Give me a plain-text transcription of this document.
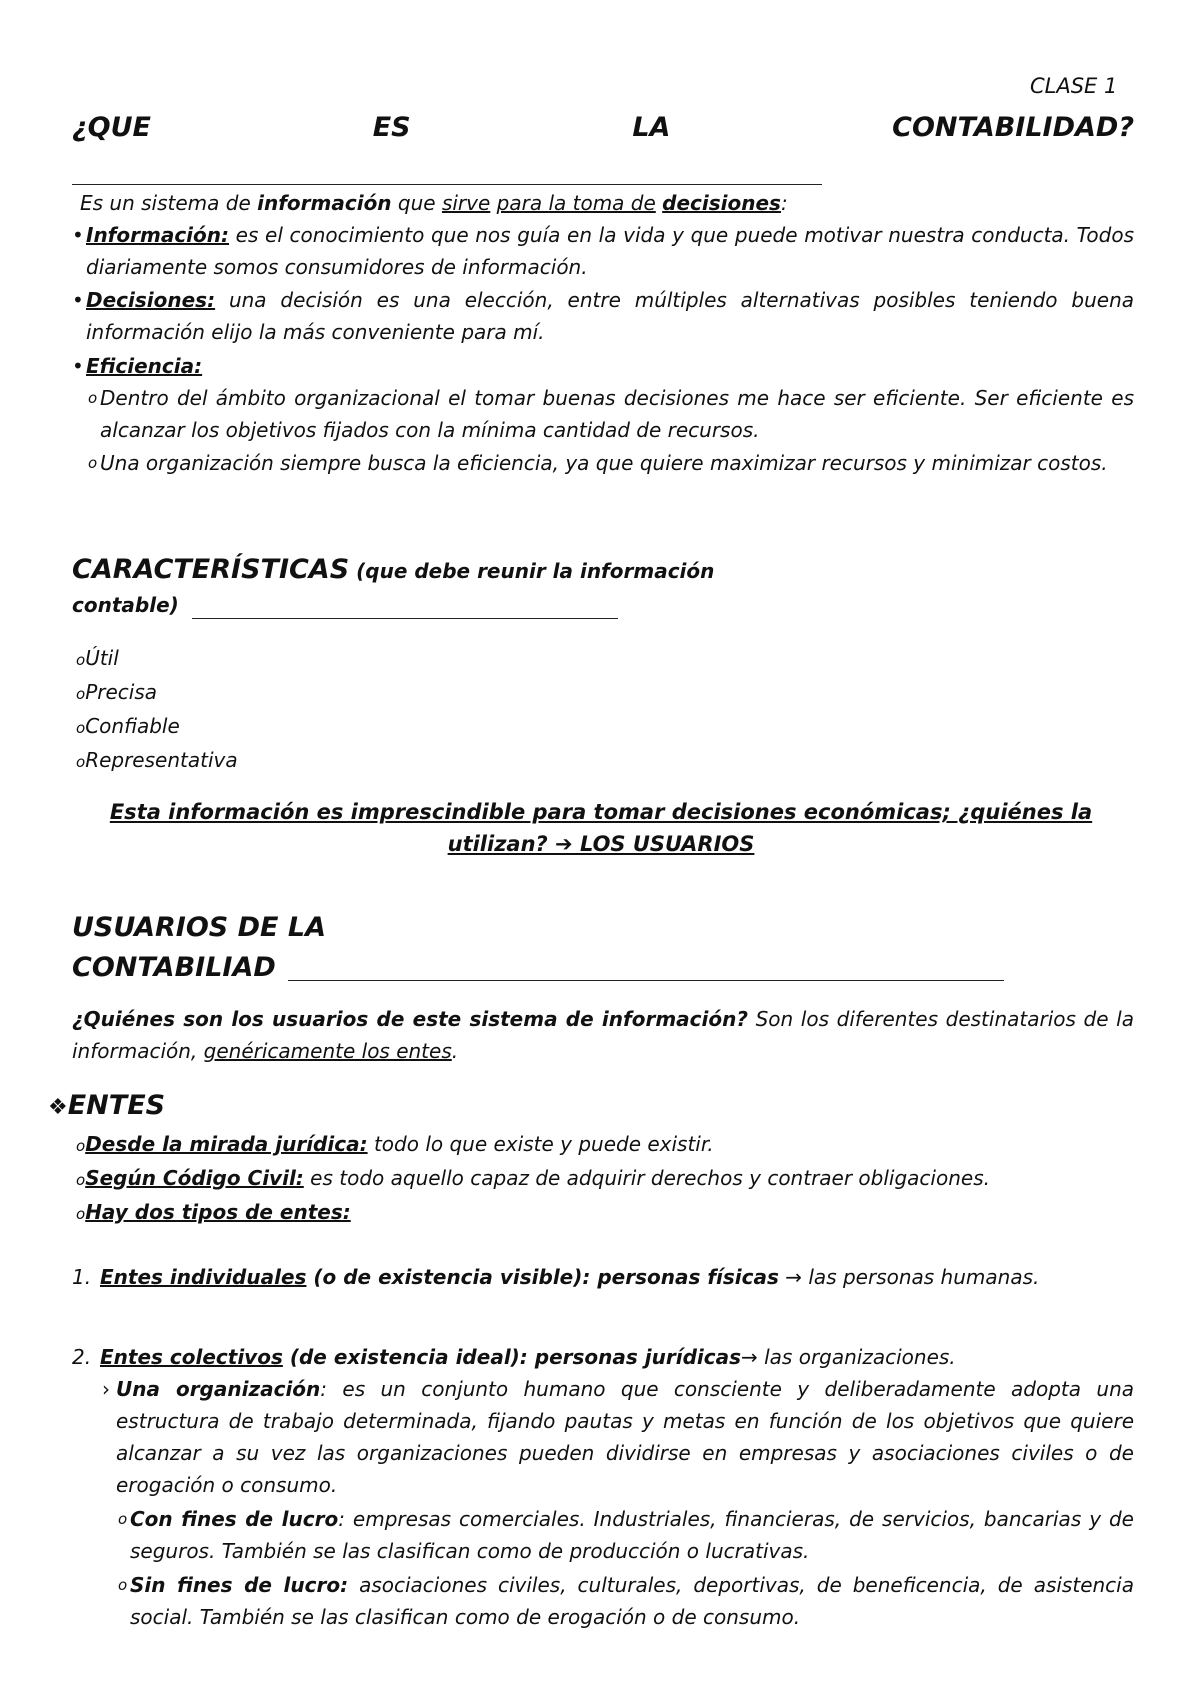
CLASE 1
¿QUE	ES	LA	CONTABILIDAD?
Es un sistema de información que sirve para la toma de decisiones:
• Información: es el conocimiento que nos guía en la vida y que puede motivar nuestra conducta. Todos diariamente somos consumidores de información.
• Decisiones: una decisión es una elección, entre múltiples alternativas posibles teniendo buena información elijo la más conveniente para mí.
• Eficiencia:
o Dentro del ámbito organizacional el tomar buenas decisiones me hace ser eficiente. Ser eficiente es alcanzar los objetivos fijados con la mínima cantidad de recursos.
o Una organización siempre busca la eficiencia, ya que quiere maximizar recursos y minimizar costos.
CARACTERÍSTICAS (que debe reunir la información
contable)
oÚtil
oPrecisa
oConfiable
oRepresentativa
Esta información es imprescindible para tomar decisiones económicas; ¿quiénes la
utilizan? ➔ LOS USUARIOS
USUARIOS DE LA
CONTABILIAD
¿Quiénes son los usuarios de este sistema de información? Son los diferentes destinatarios de la información, genéricamente los entes.
❖ENTES
oDesde la mirada jurídica: todo lo que existe y puede existir.
oSegún Código Civil: es todo aquello capaz de adquirir derechos y contraer obligaciones.
oHay dos tipos de entes:
1. Entes individuales (o de existencia visible): personas físicas → las personas humanas.
2. Entes colectivos (de existencia ideal): personas jurídicas→ las organizaciones.
› Una organización: es un conjunto humano que consciente y deliberadamente adopta una estructura de trabajo determinada, fijando pautas y metas en función de los objetivos que quiere alcanzar a su vez las organizaciones pueden dividirse en empresas y asociaciones civiles o de erogación o consumo.
o Con fines de lucro: empresas comerciales. Industriales, financieras, de servicios, bancarias y de seguros. También se las clasifican como de producción o lucrativas.
o Sin fines de lucro: asociaciones civiles, culturales, deportivas, de beneficencia, de asistencia social. También se las clasifican como de erogación o de consumo.
